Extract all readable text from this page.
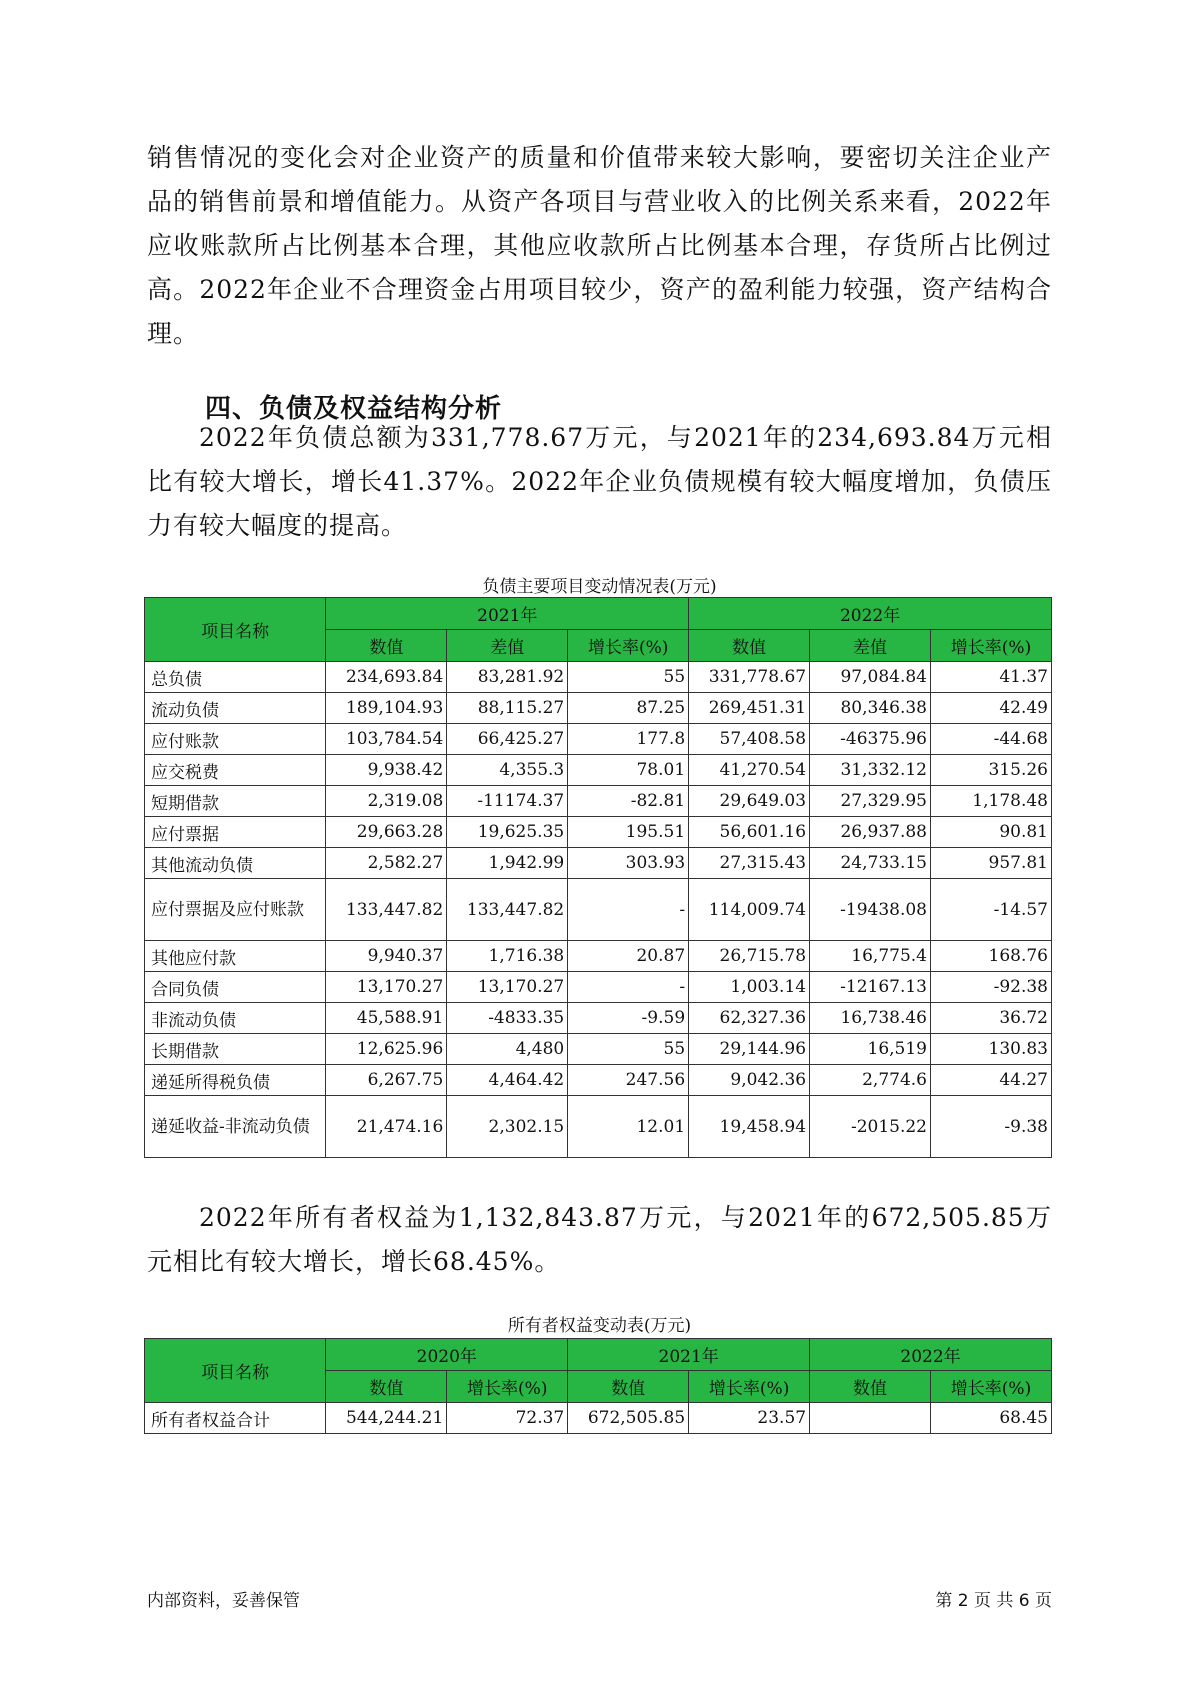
销售情况的变化会对企业资产的质量和价值带来较大影响，要密切关注企业产品的销售前景和增值能力。从资产各项目与营业收入的比例关系来看，2022年应收账款所占比例基本合理，其他应收款所占比例基本合理，存货所占比例过高。2022年企业不合理资金占用项目较少，资产的盈利能力较强，资产结构合理。

四、负债及权益结构分析

2022年负债总额为331,778.67万元，与2021年的234,693.84万元相比有较大增长，增长41.37%。2022年企业负债规模有较大幅度增加，负债压力有较大幅度的提高。

负债主要项目变动情况表(万元)

项目名称	2021年			2022年		
	数值	差值	增长率(%)	数值	差值	增长率(%)
总负债	234,693.84	83,281.92	55	331,778.67	97,084.84	41.37
流动负债	189,104.93	88,115.27	87.25	269,451.31	80,346.38	42.49
应付账款	103,784.54	66,425.27	177.8	57,408.58	-46375.96	-44.68
应交税费	9,938.42	4,355.3	78.01	41,270.54	31,332.12	315.26
短期借款	2,319.08	-11174.37	-82.81	29,649.03	27,329.95	1,178.48
应付票据	29,663.28	19,625.35	195.51	56,601.16	26,937.88	90.81
其他流动负债	2,582.27	1,942.99	303.93	27,315.43	24,733.15	957.81
应付票据及应付账款	133,447.82	133,447.82	-	114,009.74	-19438.08	-14.57
其他应付款	9,940.37	1,716.38	20.87	26,715.78	16,775.4	168.76
合同负债	13,170.27	13,170.27	-	1,003.14	-12167.13	-92.38
非流动负债	45,588.91	-4833.35	-9.59	62,327.36	16,738.46	36.72
长期借款	12,625.96	4,480	55	29,144.96	16,519	130.83
递延所得税负债	6,267.75	4,464.42	247.56	9,042.36	2,774.6	44.27
递延收益-非流动负债	21,474.16	2,302.15	12.01	19,458.94	-2015.22	-9.38

2022年所有者权益为1,132,843.87万元，与2021年的672,505.85万元相比有较大增长，增长68.45%。

所有者权益变动表(万元)

项目名称	2020年		2021年		2022年	
	数值	增长率(%)	数值	增长率(%)	数值	增长率(%)
所有者权益合计	544,244.21	72.37	672,505.85	23.57		68.45

内部资料，妥善保管	第 2 页 共 6 页
